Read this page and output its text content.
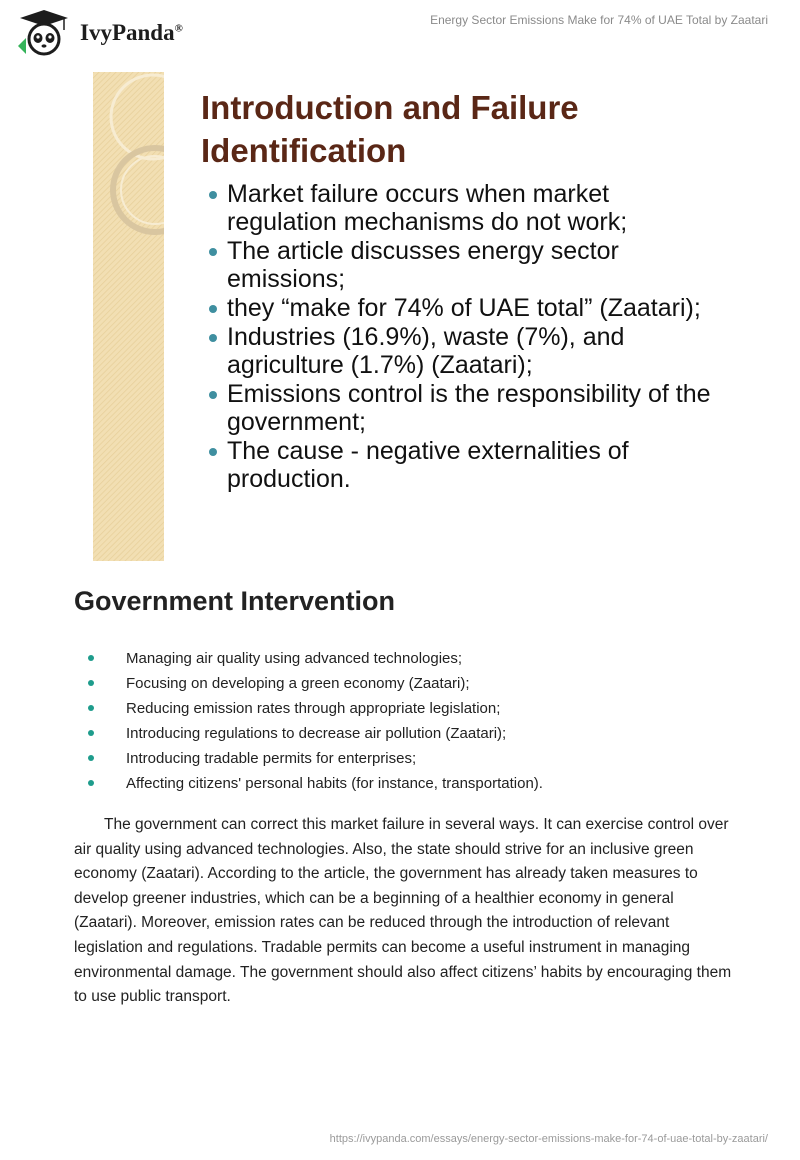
IvyPanda®
Energy Sector Emissions Make for 74% of UAE Total by Zaatari
Introduction and Failure Identification
Market failure occurs when market regulation mechanisms do not work;
The article discusses energy sector emissions;
they “make for 74% of UAE total” (Zaatari);
Industries (16.9%), waste (7%), and agriculture (1.7%) (Zaatari);
Emissions control is the responsibility of the government;
The cause - negative externalities of production.
Government Intervention
Managing air quality using advanced technologies;
Focusing on developing a green economy (Zaatari);
Reducing emission rates through appropriate legislation;
Introducing regulations to decrease air pollution (Zaatari);
Introducing tradable permits for enterprises;
Affecting citizens' personal habits (for instance, transportation).

The government can correct this market failure in several ways. It can exercise control over air quality using advanced technologies. Also, the state should strive for an inclusive green economy (Zaatari). According to the article, the government has already taken measures to develop greener industries, which can be a beginning of a healthier economy in general (Zaatari). Moreover, emission rates can be reduced through the introduction of relevant legislation and regulations. Tradable permits can become a useful instrument in managing environmental damage. The government should also affect citizens’ habits by encouraging them to use public transport.

https://ivypanda.com/essays/energy-sector-emissions-make-for-74-of-uae-total-by-zaatari/
